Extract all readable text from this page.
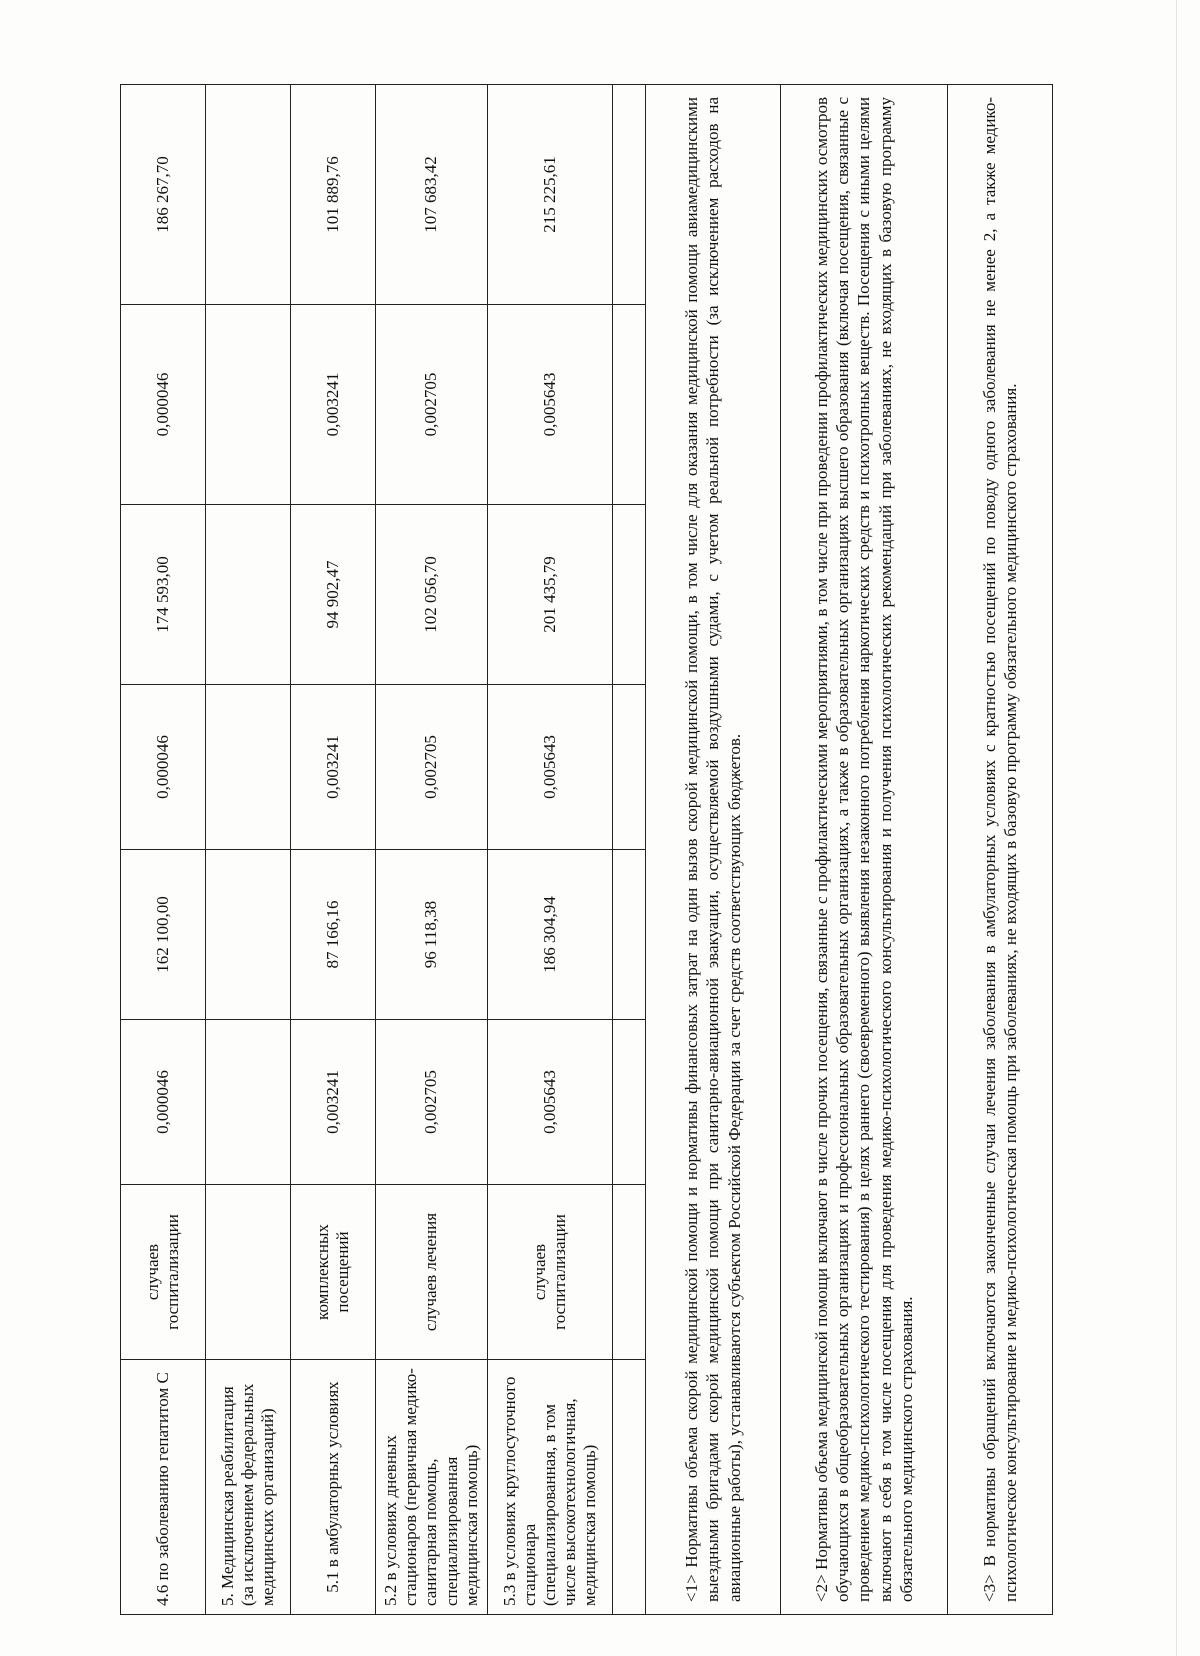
4.6 по заболеванию гепатитом С	случаев госпитализации	0,000046	162 100,00	0,000046	174 593,00	0,000046	186 267,70
5. Медицинская реабилитация (за исключением федеральных медицинских организаций)							
5.1 в амбулаторных условиях	комплексных посещений	0,003241	87 166,16	0,003241	94 902,47	0,003241	101 889,76
5.2 в условиях дневных стационаров (первичная медико-санитарная помощь, специализированная медицинская помощь)	случаев лечения	0,002705	96 118,38	0,002705	102 056,70	0,002705	107 683,42
5.3 в условиях круглосуточного стационара (специализированная, в том числе высокотехнологичная, медицинская помощь)	случаев госпитализации	0,005643	186 304,94	0,005643	201 435,79	0,005643	215 225,61

<1> Нормативы объема скорой медицинской помощи и нормативы финансовых затрат на один вызов скорой медицинской помощи, в том числе для оказания медицинской помощи авиамедицинскими выездными бригадами скорой медицинской помощи при санитарно-авиационной эвакуации, осуществляемой воздушными судами, с учетом реальной потребности (за исключением расходов на авиационные работы), устанавливаются субъектом Российской Федерации за счет средств соответствующих бюджетов.							
<2> Нормативы объема медицинской помощи включают в числе прочих посещения, связанные с профилактическими мероприятиями, в том числе при проведении профилактических медицинских осмотров обучающихся в общеобразовательных организациях и профессиональных образовательных организациях, а также в образовательных организациях высшего образования (включая посещения, связанные с проведением медико-психологического тестирования) в целях раннего (своевременного) выявления незаконного потребления наркотических средств и психотропных веществ. Посещения с иными целями включают в себя в том числе посещения для проведения медико-психологического консультирования и получения психологических рекомендаций при заболеваниях, не входящих в базовую программу обязательного медицинского страхования.							
<3> В нормативы обращений включаются законченные случаи лечения заболевания в амбулаторных условиях с кратностью посещений по поводу одного заболевания не менее 2, а также медико-психологическое консультирование и медико-психологическая помощь при заболеваниях, не входящих в базовую программу обязательного медицинского страхования.							
